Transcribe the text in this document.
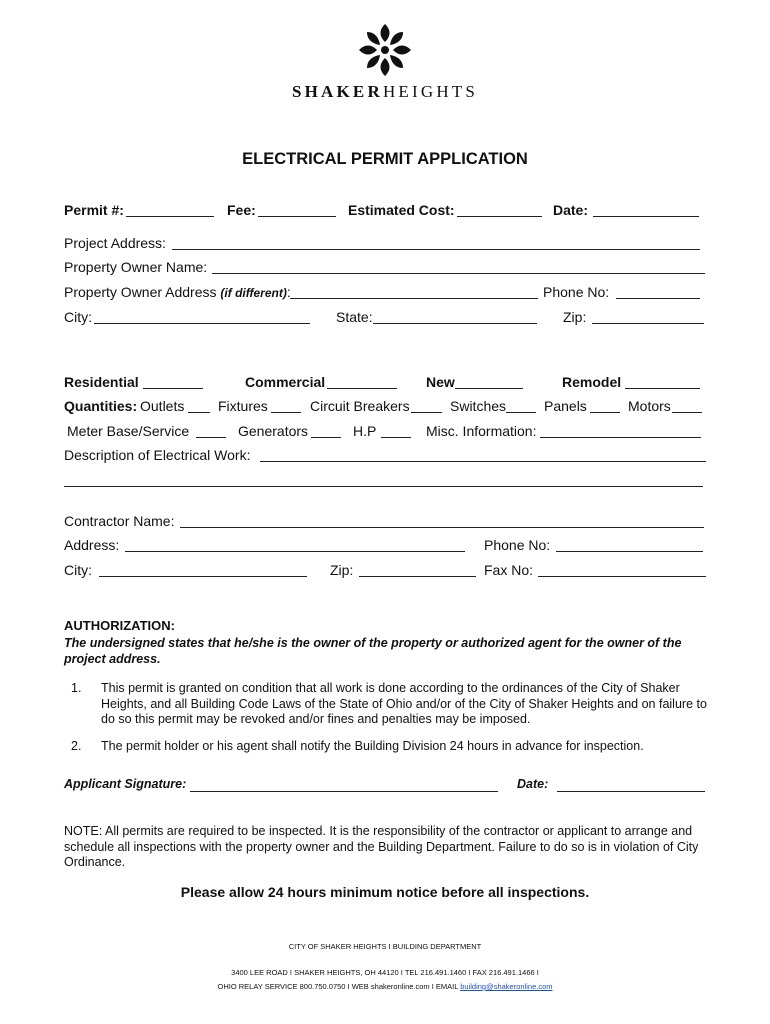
SHAKERHEIGHTS
ELECTRICAL PERMIT APPLICATION
Permit #:	Fee:	Estimated Cost:	Date:
Project Address:
Property Owner Name:
Property Owner Address (if different):	Phone No:
City:	State:	Zip:
Residential	Commercial	New	Remodel
Quantities: Outlets Fixtures	Circuit Breakers	Switches	Panels	Motors
Meter Base/Service	Generators	H.P	Misc. Information:
Description of Electrical Work:
Contractor Name:
Address:	Phone No:
City:	Zip:	Fax No:
AUTHORIZATION:
The undersigned states that he/she is the owner of the property or authorized agent for the owner of the project address.
1. This permit is granted on condition that all work is done according to the ordinances of the City of Shaker Heights, and all Building Code Laws of the State of Ohio and/or of the City of Shaker Heights and on failure to do so this permit may be revoked and/or fines and penalties may be imposed.
2. The permit holder or his agent shall notify the Building Division 24 hours in advance for inspection.
Applicant Signature:	Date:
NOTE: All permits are required to be inspected. It is the responsibility of the contractor or applicant to arrange and schedule all inspections with the property owner and the Building Department. Failure to do so is in violation of City Ordinance.
Please allow 24 hours minimum notice before all inspections.
CITY OF SHAKER HEIGHTS I BUILDING DEPARTMENT
3400 LEE ROAD I SHAKER HEIGHTS, OH 44120 I TEL 216.491.1460 I FAX 216.491.1466 I
OHIO RELAY SERVICE 800.750.0750 I WEB shakeronline.com I EMAIL building@shakeronline.com
